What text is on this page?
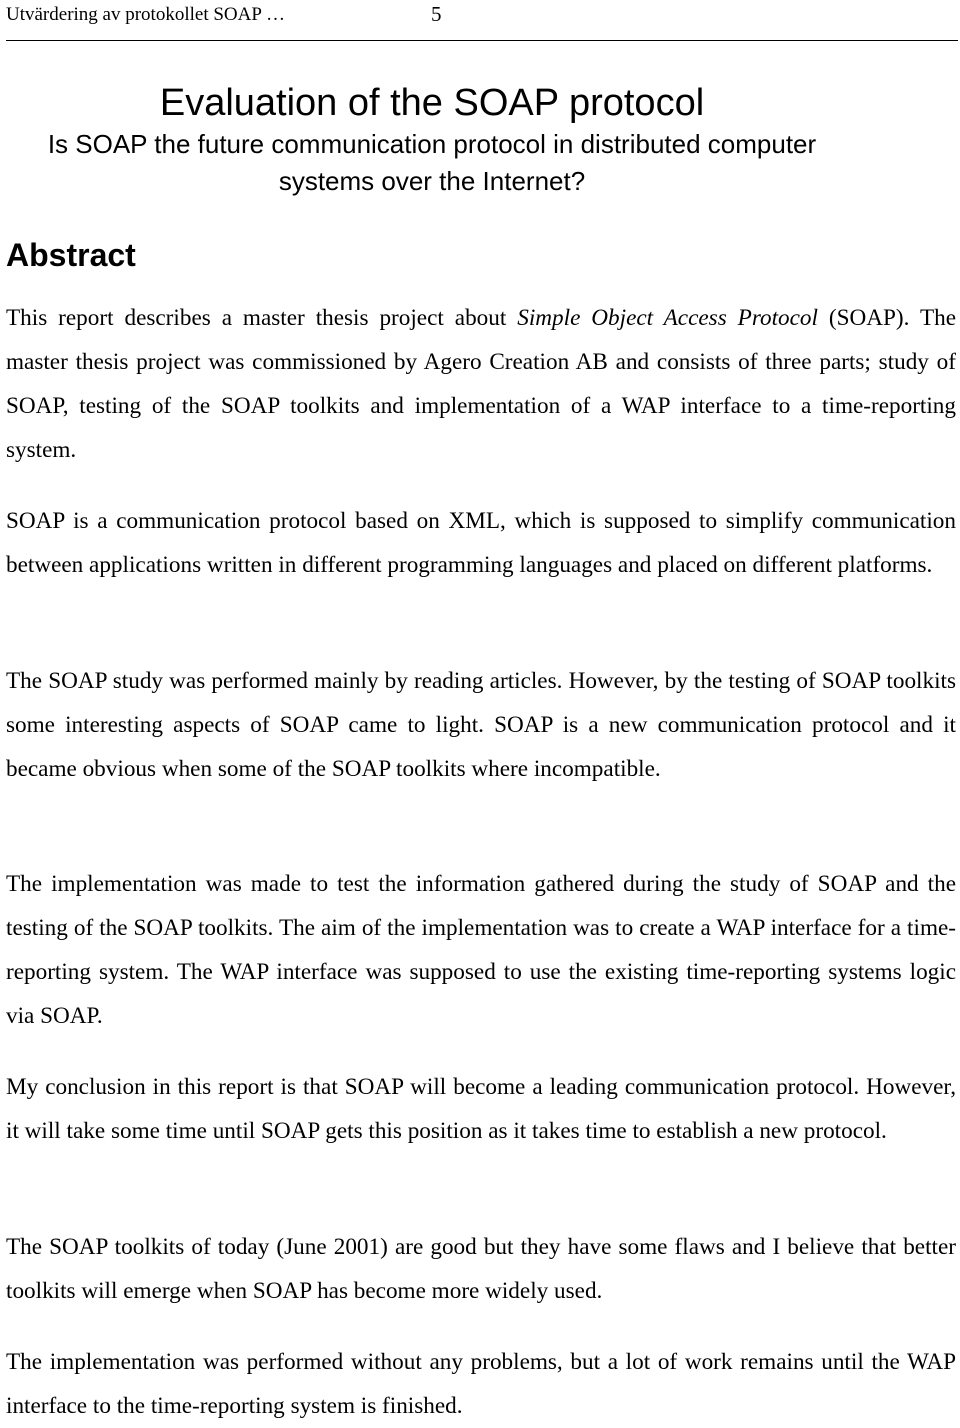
Utvärdering av protokollet SOAP …	5
Evaluation of the SOAP protocol

Is SOAP the future communication protocol in distributed computer systems over the Internet?

Abstract

This report describes a master thesis project about Simple Object Access Protocol (SOAP). The master thesis project was commissioned by Agero Creation AB and consists of three parts; study of SOAP, testing of the SOAP toolkits and implementation of a WAP interface to a time-reporting system.

SOAP is a communication protocol based on XML, which is supposed to simplify communication between applications written in different programming languages and placed on different platforms.

The SOAP study was performed mainly by reading articles. However, by the testing of SOAP toolkits some interesting aspects of SOAP came to light. SOAP is a new communication protocol and it became obvious when some of the SOAP toolkits where incompatible.

The implementation was made to test the information gathered during the study of SOAP and the testing of the SOAP toolkits. The aim of the implementation was to create a WAP interface for a time-reporting system. The WAP interface was supposed to use the existing time-reporting systems logic via SOAP.

My conclusion in this report is that SOAP will become a leading communication protocol. However, it will take some time until SOAP gets this position as it takes time to establish a new protocol.

The SOAP toolkits of today (June 2001) are good but they have some flaws and I believe that better toolkits will emerge when SOAP has become more widely used.

The implementation was performed without any problems, but a lot of work remains until the WAP interface to the time-reporting system is finished.
